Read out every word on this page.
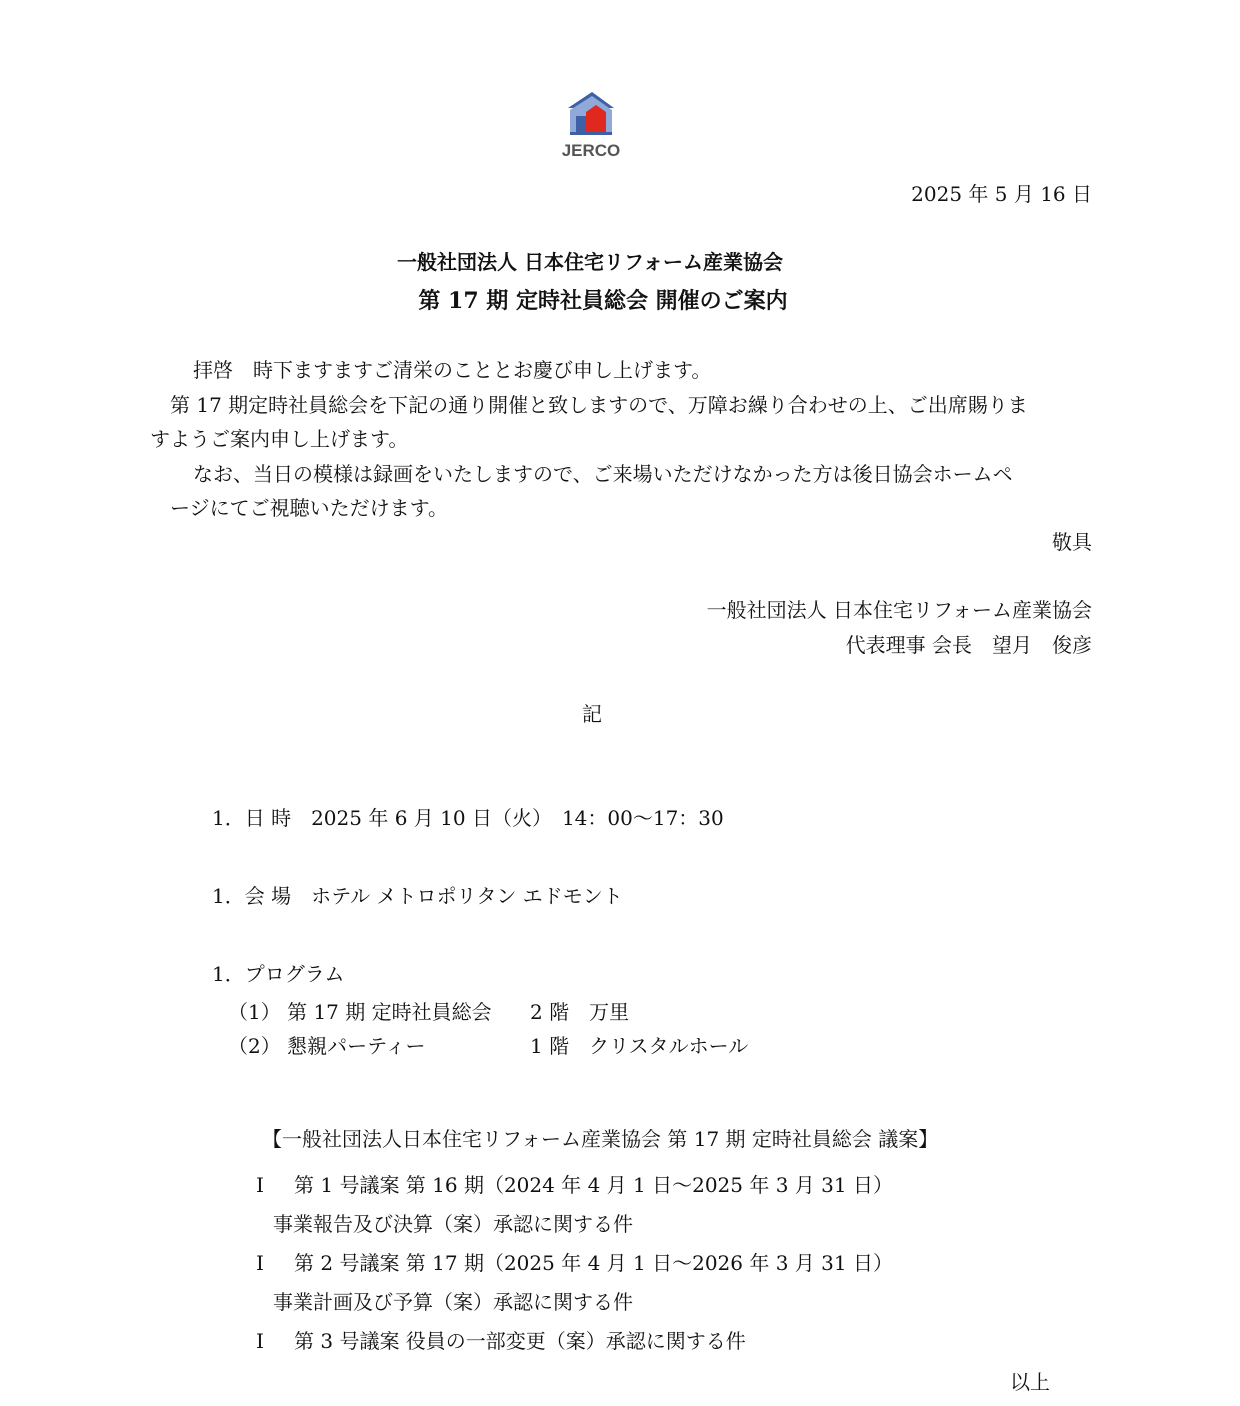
JERCO
2025 年 5 月 16 日
一般社団法人 日本住宅リフォーム産業協会
第 17 期 定時社員総会 開催のご案内
拝啓　時下ますますご清栄のこととお慶び申し上げます。
第 17 期定時社員総会を下記の通り開催と致しますので、万障お繰り合わせの上、ご出席賜りま
すようご案内申し上げます。
なお、当日の模様は録画をいたしますので、ご来場いただけなかった方は後日協会ホームペ
ージにてご視聴いただけます。
敬具
一般社団法人 日本住宅リフォーム産業協会
代表理事 会長　望月　俊彦
記
1．日 時　2025 年 6 月 10 日（火）　14：00～17：30
1．会 場　ホテル メトロポリタン エドモント
1．プログラム
（1） 第 17 期 定時社員総会 2 階　万里
（2） 懇親パーティー	1 階　クリスタルホール
【一般社団法人日本住宅リフォーム産業協会 第 17 期 定時社員総会 議案】
Ⅰ 第 1 号議案 第 16 期（2024 年 4 月 1 日～2025 年 3 月 31 日）
事業報告及び決算（案）承認に関する件
Ⅰ 第 2 号議案 第 17 期（2025 年 4 月 1 日～2026 年 3 月 31 日）
事業計画及び予算（案）承認に関する件
Ⅰ 第 3 号議案 役員の一部変更（案）承認に関する件
以上
